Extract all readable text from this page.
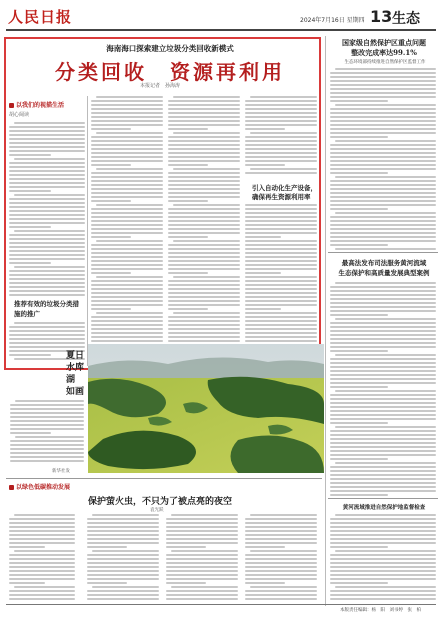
人民日报	2024年7月16日 星期四 13 生态
海南海口探索建立垃圾分类回收新模式
分类回收　资源再利用
本报记者　孙海涛
以我们的视描生活
胡心阔读
推荐有效的垃圾分类措
施的推广
引入自动化生产设备，
确保再生资源利用率
国家级自然保护区重点问题
整改完成率达99.1%
生态环境部持续推进自然保护区监督工作
最高法发布司法服务黄河流域
生态保护和高质量发展典型案例
黄河流域推进自然保护地监督检查
夏日
水库
湖
如画
新华社发
以绿色低碳推动发展
保护萤火虫，不只为了被点亮的夜空
袁光跃
本版责任编辑：杨　阳　刘书婷　张　柏
